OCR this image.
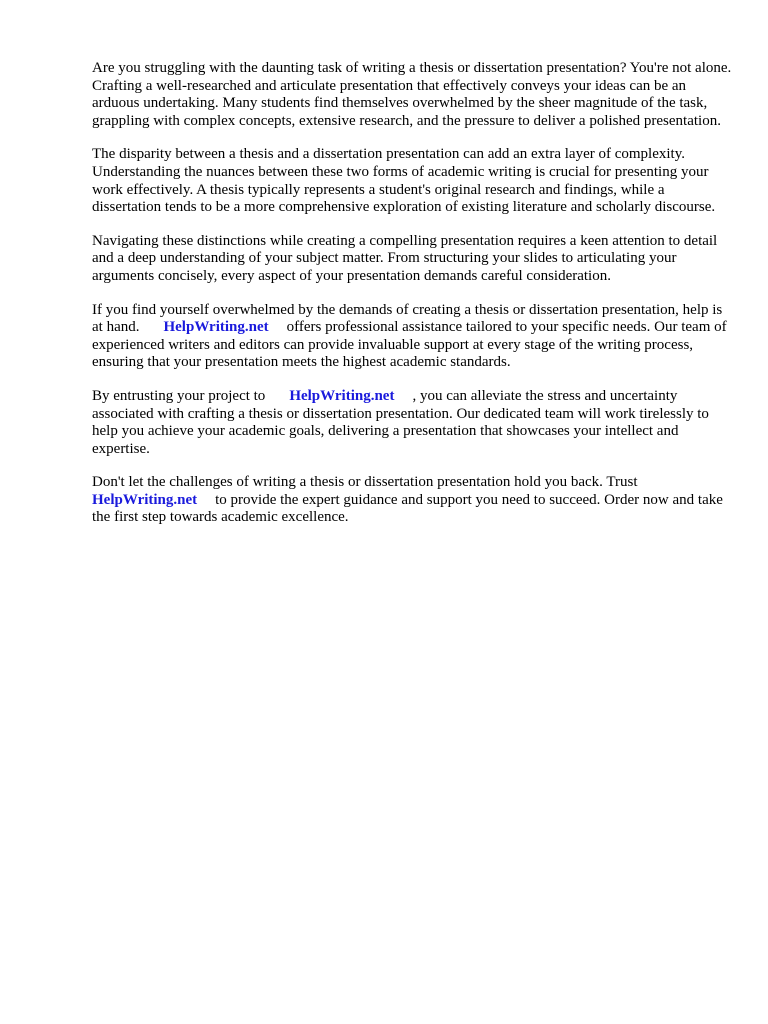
Are you struggling with the daunting task of writing a thesis or dissertation presentation? You're not alone. Crafting a well-researched and articulate presentation that effectively conveys your ideas can be an arduous undertaking. Many students find themselves overwhelmed by the sheer magnitude of the task, grappling with complex concepts, extensive research, and the pressure to deliver a polished presentation.

The disparity between a thesis and a dissertation presentation can add an extra layer of complexity. Understanding the nuances between these two forms of academic writing is crucial for presenting your work effectively. A thesis typically represents a student's original research and findings, while a dissertation tends to be a more comprehensive exploration of existing literature and scholarly discourse.

Navigating these distinctions while creating a compelling presentation requires a keen attention to detail and a deep understanding of your subject matter. From structuring your slides to articulating your arguments concisely, every aspect of your presentation demands careful consideration.

If you find yourself overwhelmed by the demands of creating a thesis or dissertation presentation, help is at hand. HelpWriting.net offers professional assistance tailored to your specific needs. Our team of experienced writers and editors can provide invaluable support at every stage of the writing process, ensuring that your presentation meets the highest academic standards.

By entrusting your project to HelpWriting.net , you can alleviate the stress and uncertainty associated with crafting a thesis or dissertation presentation. Our dedicated team will work tirelessly to help you achieve your academic goals, delivering a presentation that showcases your intellect and expertise.

Don't let the challenges of writing a thesis or dissertation presentation hold you back. Trust HelpWriting.net to provide the expert guidance and support you need to succeed. Order now and take the first step towards academic excellence.
